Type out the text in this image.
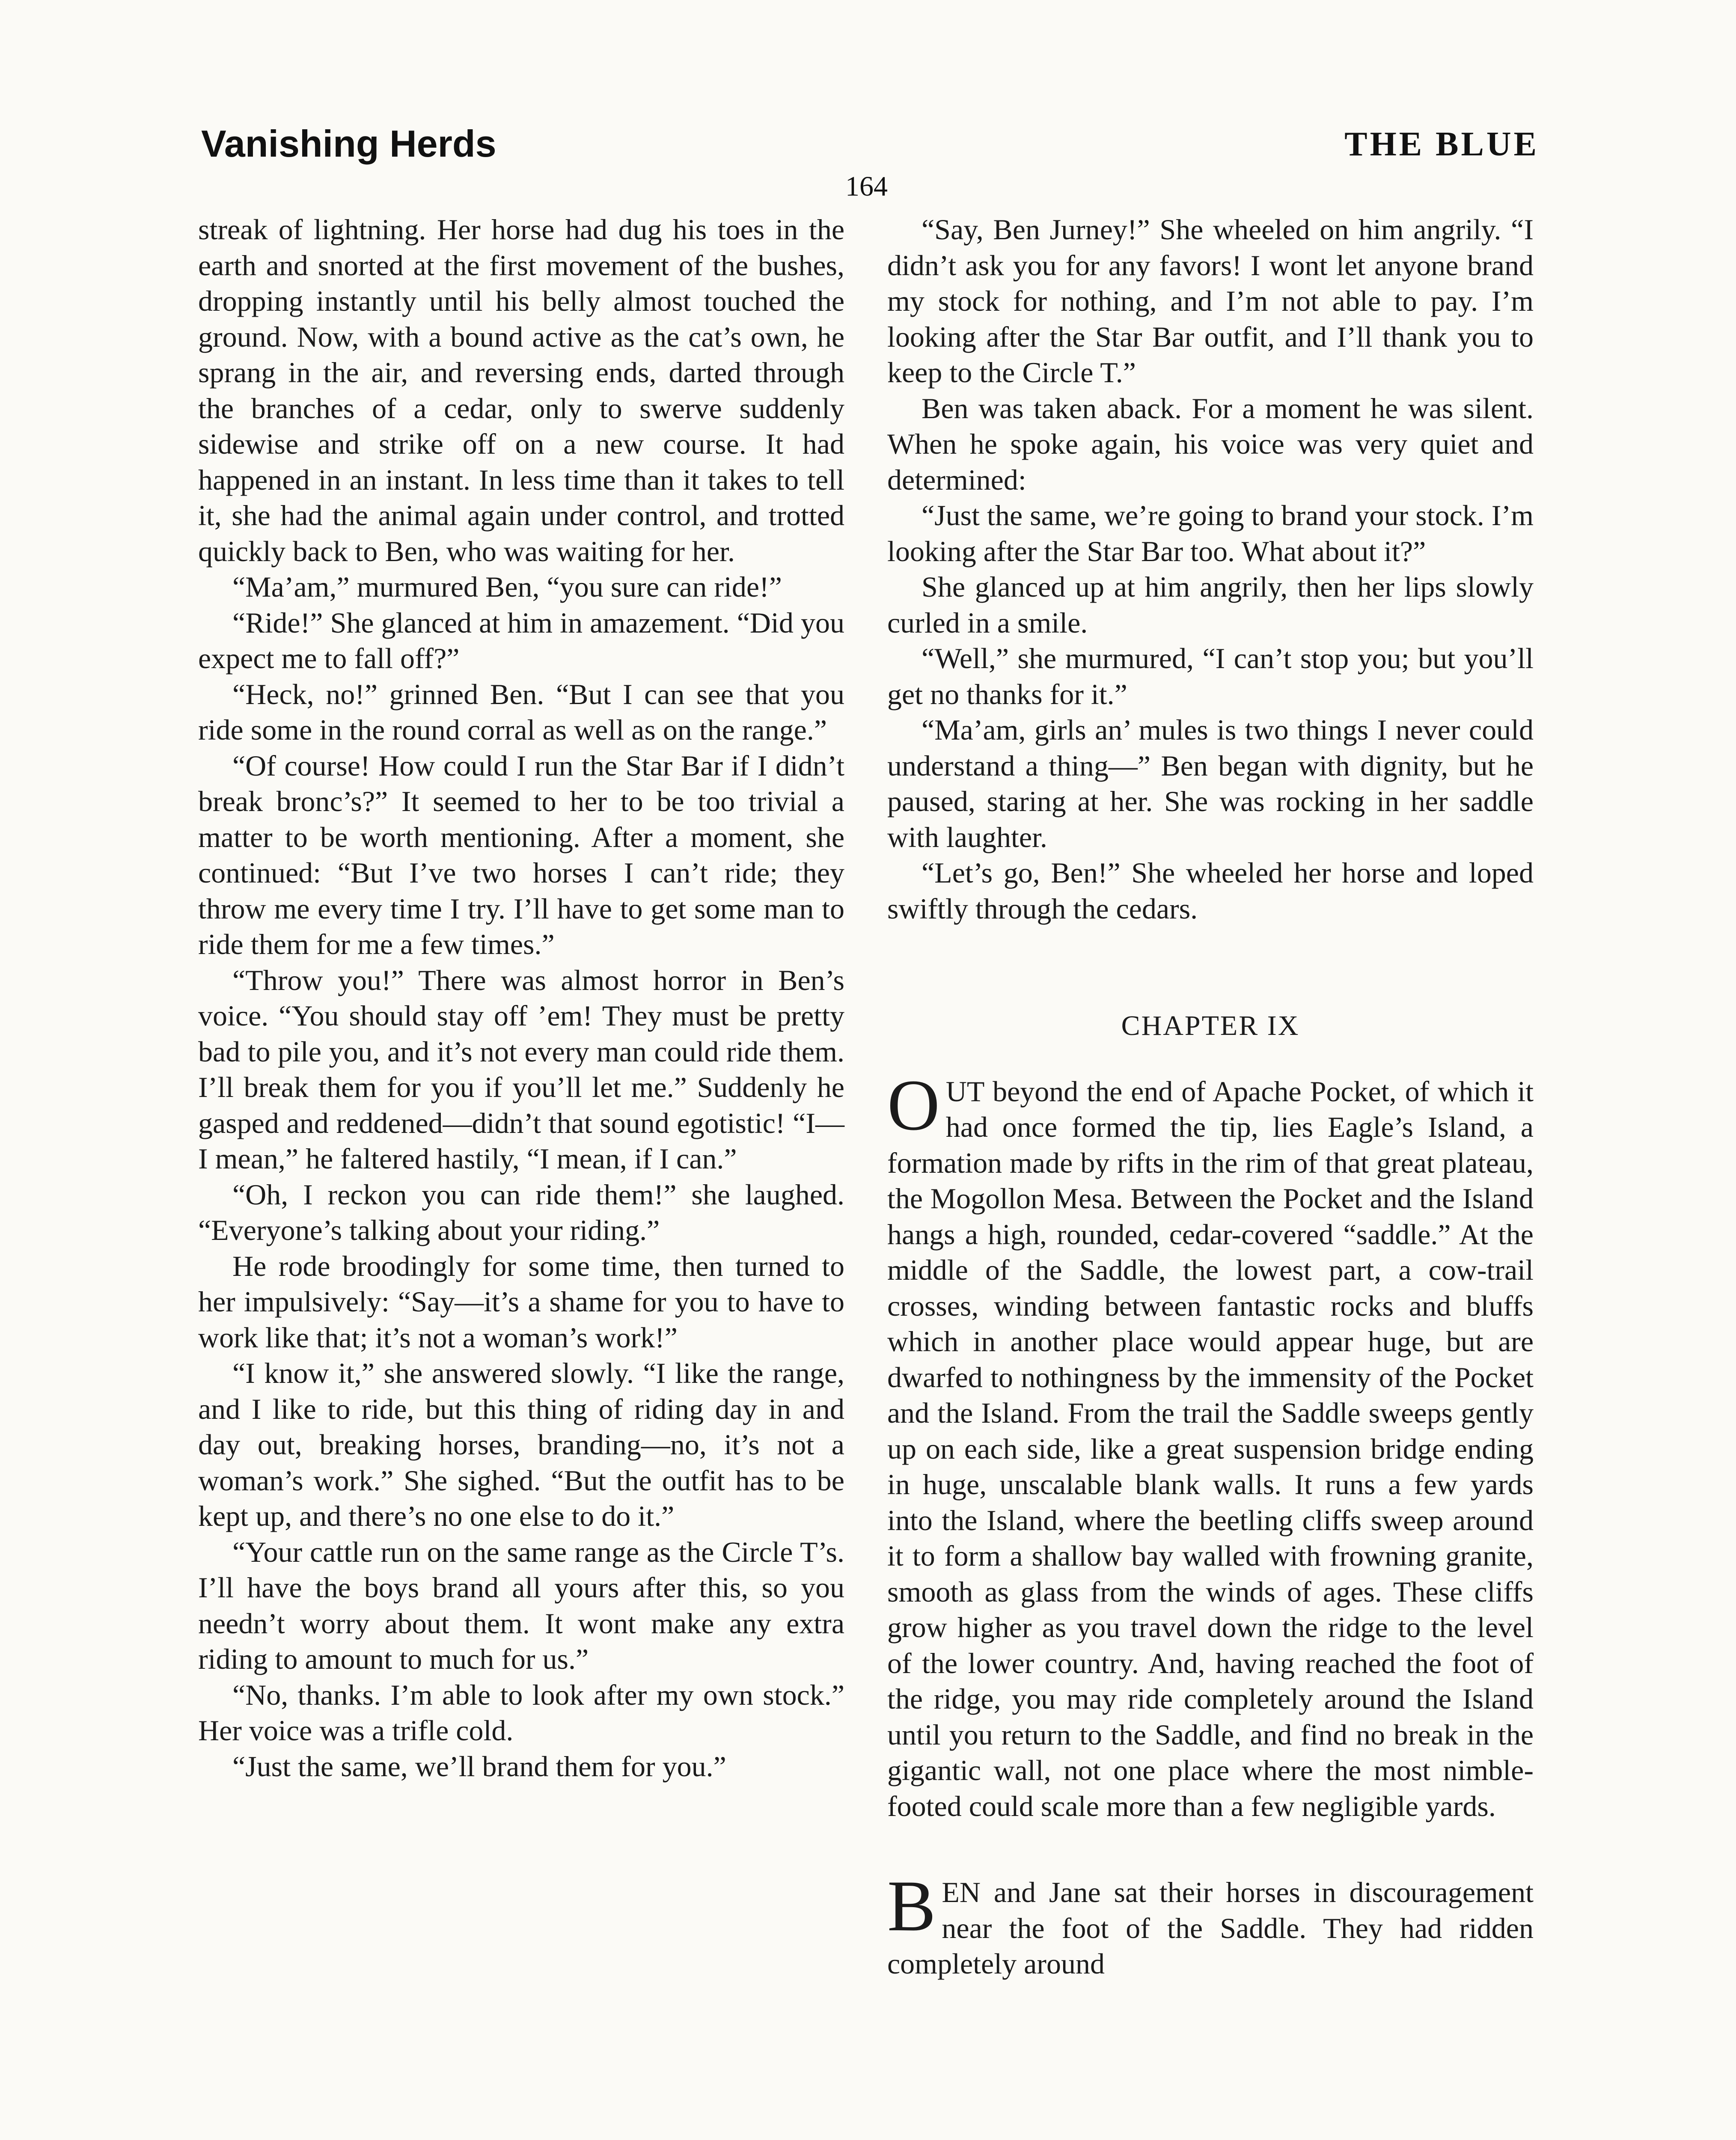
Vanishing Herds	THE BLUE
164

streak of lightning. Her horse had dug his toes in the earth and snorted at the first movement of the bushes, dropping instantly until his belly almost touched the ground. Now, with a bound active as the cat’s own, he sprang in the air, and reversing ends, darted through the branches of a cedar, only to swerve suddenly sidewise and strike off on a new course. It had happened in an instant. In less time than it takes to tell it, she had the animal again under control, and trotted quickly back to Ben, who was waiting for her.

“Ma’am,” murmured Ben, “you sure can ride!”

“Ride!” She glanced at him in amazement. “Did you expect me to fall off?”

“Heck, no!” grinned Ben. “But I can see that you ride some in the round corral as well as on the range.”

“Of course! How could I run the Star Bar if I didn’t break bronc’s?” It seemed to her to be too trivial a matter to be worth mentioning. After a moment, she continued: “But I’ve two horses I can’t ride; they throw me every time I try. I’ll have to get some man to ride them for me a few times.”

“Throw you!” There was almost horror in Ben’s voice. “You should stay off ’em! They must be pretty bad to pile you, and it’s not every man could ride them. I’ll break them for you if you’ll let me.” Suddenly he gasped and reddened—didn’t that sound egotistic! “I—I mean,” he faltered hastily, “I mean, if I can.”

“Oh, I reckon you can ride them!” she laughed. “Everyone’s talking about your riding.”

He rode broodingly for some time, then turned to her impulsively: “Say—it’s a shame for you to have to work like that; it’s not a woman’s work!”

“I know it,” she answered slowly. “I like the range, and I like to ride, but this thing of riding day in and day out, breaking horses, branding—no, it’s not a woman’s work.” She sighed. “But the outfit has to be kept up, and there’s no one else to do it.”

“Your cattle run on the same range as the Circle T’s. I’ll have the boys brand all yours after this, so you needn’t worry about them. It wont make any extra riding to amount to much for us.”

“No, thanks. I’m able to look after my own stock.” Her voice was a trifle cold.

“Just the same, we’ll brand them for you.”

“Say, Ben Jurney!” She wheeled on him angrily. “I didn’t ask you for any favors! I wont let anyone brand my stock for nothing, and I’m not able to pay. I’m looking after the Star Bar outfit, and I’ll thank you to keep to the Circle T.”

Ben was taken aback. For a moment he was silent. When he spoke again, his voice was very quiet and determined:

“Just the same, we’re going to brand your stock. I’m looking after the Star Bar too. What about it?”

She glanced up at him angrily, then her lips slowly curled in a smile.

“Well,” she murmured, “I can’t stop you; but you’ll get no thanks for it.”

“Ma’am, girls an’ mules is two things I never could understand a thing—” Ben began with dignity, but he paused, staring at her. She was rocking in her saddle with laughter.

“Let’s go, Ben!” She wheeled her horse and loped swiftly through the cedars.

CHAPTER IX

OUT beyond the end of Apache Pocket, of which it had once formed the tip, lies Eagle’s Island, a formation made by rifts in the rim of that great plateau, the Mogollon Mesa. Between the Pocket and the Island hangs a high, rounded, cedar-covered “saddle.” At the middle of the Saddle, the lowest part, a cow-trail crosses, winding between fantastic rocks and bluffs which in another place would appear huge, but are dwarfed to nothingness by the immensity of the Pocket and the Island. From the trail the Saddle sweeps gently up on each side, like a great suspension bridge ending in huge, unscalable blank walls. It runs a few yards into the Island, where the beetling cliffs sweep around it to form a shallow bay walled with frowning granite, smooth as glass from the winds of ages. These cliffs grow higher as you travel down the ridge to the level of the lower country. And, having reached the foot of the ridge, you may ride completely around the Island until you return to the Saddle, and find no break in the gigantic wall, not one place where the most nimble-footed could scale more than a few negligible yards.

BEN and Jane sat their horses in discouragement near the foot of the Saddle. They had ridden completely around
